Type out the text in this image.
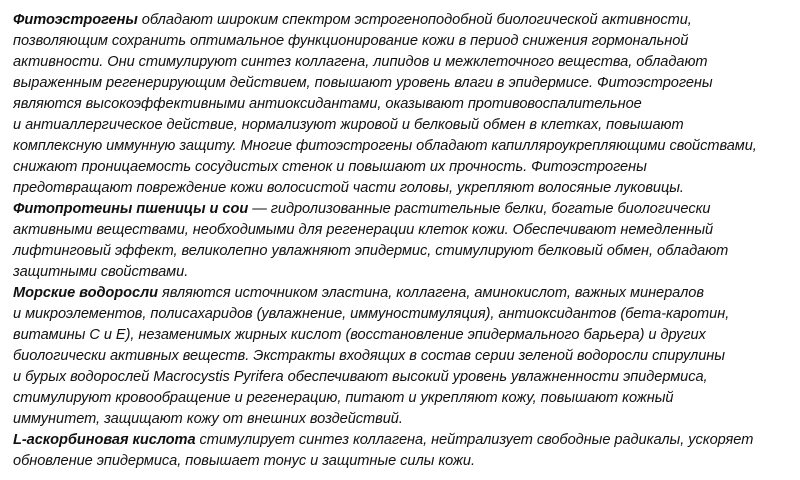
Фитоэстрогены обладают широким спектром эстрогеноподобной биологической активности,
позволяющим сохранить оптимальное функционирование кожи в период снижения гормональной
активности. Они стимулируют синтез коллагена, липидов и межклеточного вещества, обладают
выраженным регенерирующим действием, повышают уровень влаги в эпидермисе. Фитоэстрогены
являются высокоэффективными антиоксидантами, оказывают противовоспалительное
и антиаллергическое действие, нормализуют жировой и белковый обмен в клетках, повышают
комплексную иммунную защиту. Многие фитоэстрогены обладают капилляроукрепляющими свойствами,
снижают проницаемость сосудистых стенок и повышают их прочность. Фитоэстрогены
предотвращают повреждение кожи волосистой части головы, укрепляют волосяные луковицы.
Фитопротеины пшеницы и сои — гидролизованные растительные белки, богатые биологически
активными веществами, необходимыми для регенерации клеток кожи. Обеспечивают немедленный
лифтинговый эффект, великолепно увлажняют эпидермис, стимулируют белковый обмен, обладают
защитными свойствами.
Морские водоросли являются источником эластина, коллагена, аминокислот, важных минералов
и микроэлементов, полисахаридов (увлажнение, иммуностимуляция), антиоксидантов (бета-каротин,
витамины С и Е), незаменимых жирных кислот (восстановление эпидермального барьера) и других
биологически активных веществ. Экстракты входящих в состав серии зеленой водоросли спирулины
и бурых водорослей Macrocystis Pyrifera обеспечивают высокий уровень увлажненности эпидермиса,
стимулируют кровообращение и регенерацию, питают и укрепляют кожу, повышают кожный
иммунитет, защищают кожу от внешних воздействий.
L-аскорбиновая кислота стимулирует синтез коллагена, нейтрализует свободные радикалы, ускоряет
обновление эпидермиса, повышает тонус и защитные силы кожи.
